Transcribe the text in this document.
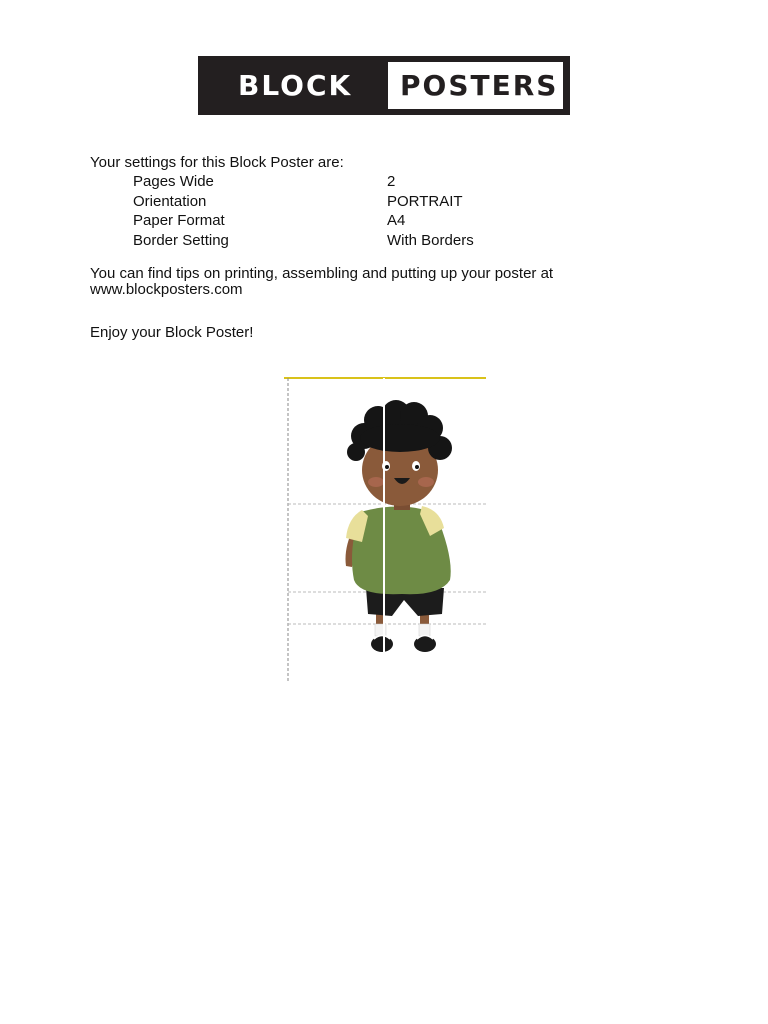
BLOCK POSTERS
Your settings for this Block Poster are:
Pages Wide	2
Orientation	PORTRAIT
Paper Format	A4
Border Setting	With Borders
You can find tips on printing, assembling and putting up your poster at
www.blockposters.com
Enjoy your Block Poster!
